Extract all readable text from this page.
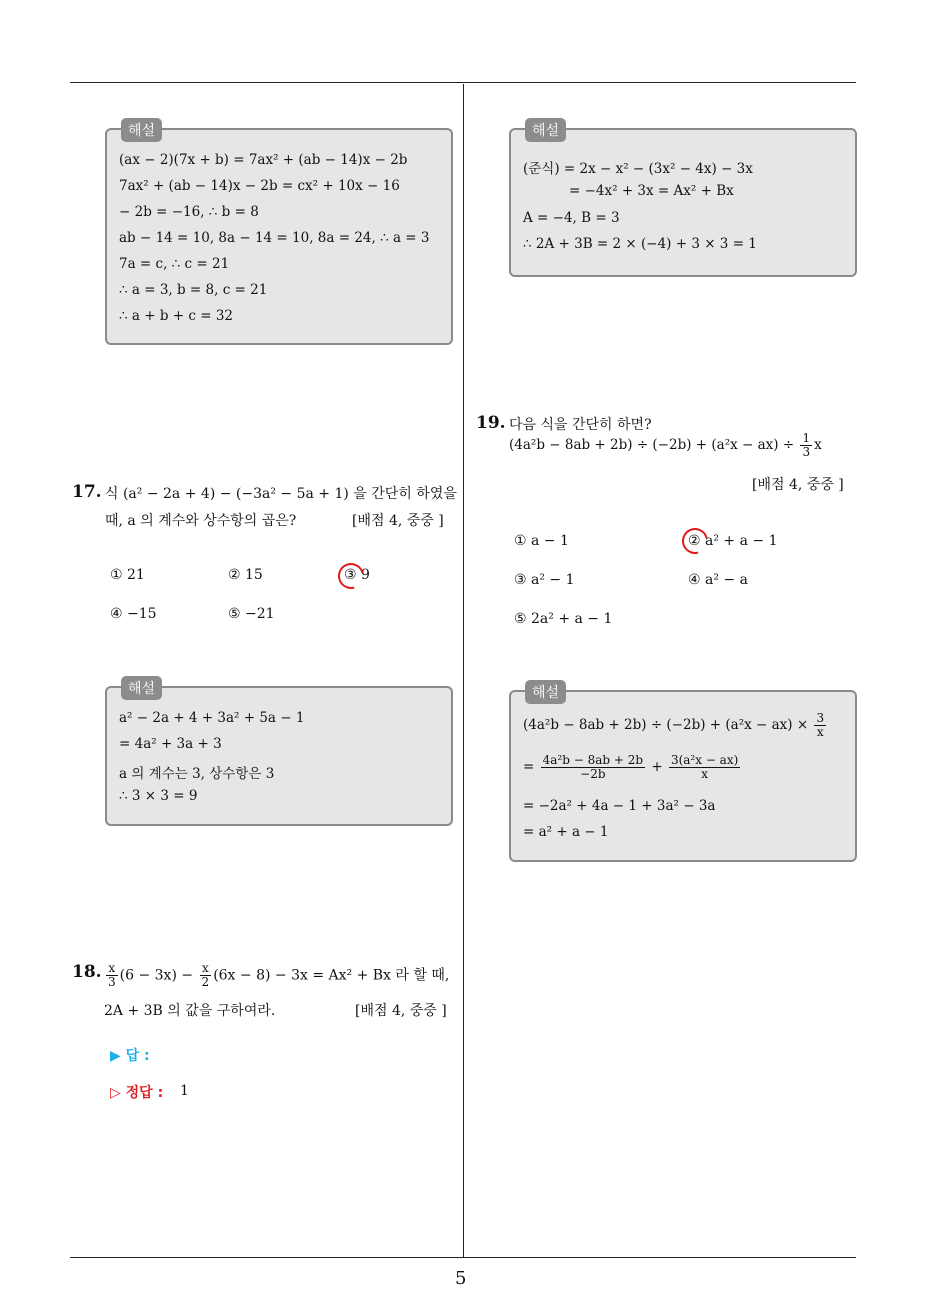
해설
(ax − 2)(7x + b) = 7ax² + (ab − 14)x − 2b
7ax² + (ab − 14)x − 2b = cx² + 10x − 16
− 2b = −16, ∴ b = 8
ab − 14 = 10, 8a − 14 = 10, 8a = 24, ∴ a = 3
7a = c, ∴ c = 21
∴ a = 3, b = 8, c = 21
∴ a + b + c = 32
17. 식 (a² − 2a + 4) − (−3a² − 5a + 1) 을 간단히 하였을
때, a 의 계수와 상수항의 곱은?	[배점 4, 중중 ]
① 21	② 15	③ 9
④ −15	⑤ −21
해설
a² − 2a + 4 + 3a² + 5a − 1
= 4a² + 3a + 3
a 의 계수는 3, 상수항은 3
∴ 3 × 3 = 9
18. $\frac{x}{3} (6 - 3x) - \frac{x}{2} (6x - 8) - 3x = Ax^2 + Bx$ 라 할 때,
2A + 3B 의 값을 구하여라.	[배점 4, 중중 ]
▶ 답 :
▷ 정답 : 1
해설
(준식) = 2x − x² − (3x² − 4x) − 3x
= −4x² + 3x = Ax² + Bx
A = −4, B = 3
∴ 2A + 3B = 2 × (−4) + 3 × 3 = 1
19. 다음 식을 간단히 하면?
$(4a^2b - 8ab + 2b) \div (-2b) + (a^2x - ax) \div \frac{1}{3}$ x
[배점 4, 중중 ]
① a − 1	② a² + a − 1
③ a² − 1	④ a² − a
⑤ 2a² + a − 1
해설
$(4a^2b - 8ab + 2b) \div (-2b) + (a^2x - ax) \times \frac{3}{x}$
= $\frac{\text{4a²b − 8ab + 2b}}{-2b} + \frac{\text{3(a²x − ax)}}{x}$
= −2a² + 4a − 1 + 3a² − 3a
= a² + a − 1
5
